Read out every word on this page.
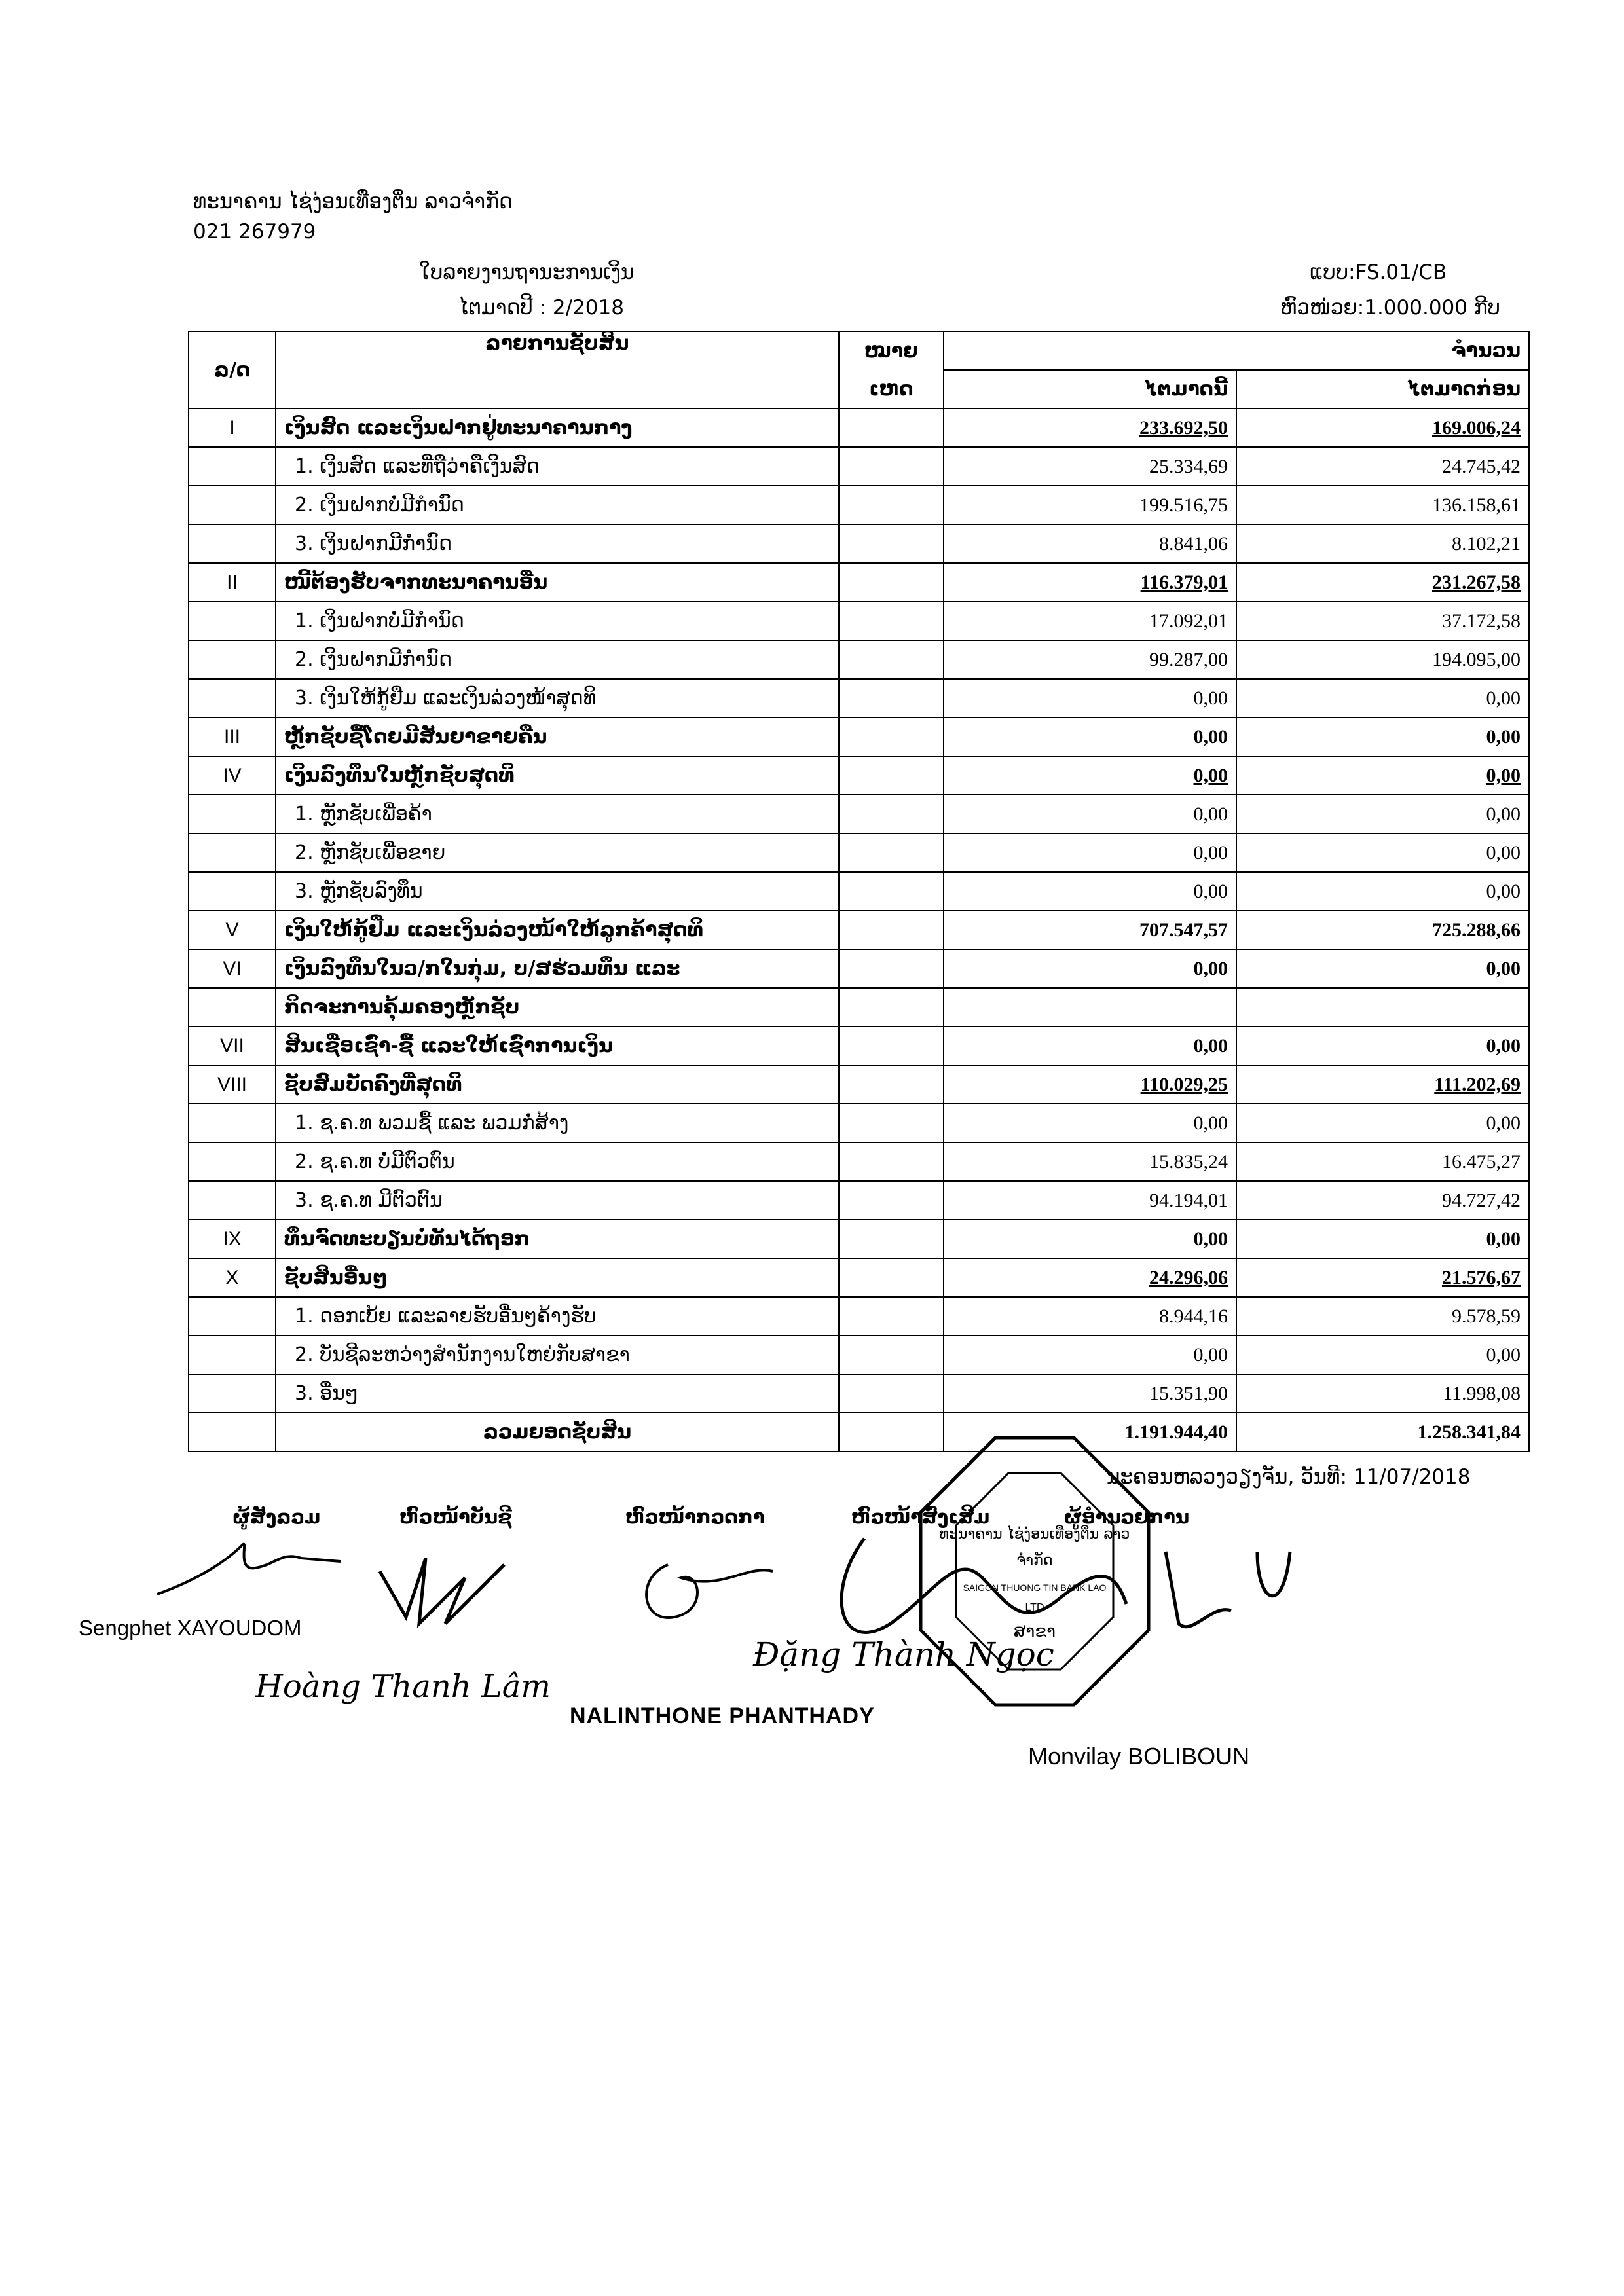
ທະນາຄານ ໄຊ່ງ່ອນເທືອງຕິ່ນ ລາວຈຳກັດ
021 267979
ໃບລາຍງານຖານະການເງິນ
ໄຕມາດປີ : 2/2018
ແບບ:FS.01/CB
ຫົວໜ່ວຍ:1.000.000 ກີບ
ລ/ດ	ລາຍການຊັບສິນ	ໝາຍ	ຈຳນວນ	
		ເຫດ	ໄຕມາດນີ້	ໄຕມາດກ່ອນ
I	ເງິນສົດ ແລະເງິນຝາກຢູ່ທະນາຄານກາງ		233.692,50	169.006,24
	1. ເງິນສົດ ແລະທີ່ຖືວ່າຄືເງິນສົດ		25.334,69	24.745,42
	2. ເງິນຝາກບໍ່ມີກຳນົດ		199.516,75	136.158,61
	3. ເງິນຝາກມີກຳນົດ		8.841,06	8.102,21
II	ໜີ້ຕ້ອງຮັບຈາກທະນາຄານອື່ນ		116.379,01	231.267,58
	1. ເງິນຝາກບໍ່ມີກຳນົດ		17.092,01	37.172,58
	2. ເງິນຝາກມີກຳນົດ		99.287,00	194.095,00
	3. ເງິນໃຫ້ກູ້ຢືມ ແລະເງິນລ່ວງໜ້າສຸດທິ		0,00	0,00
III	ຫຼັກຊັບຊື້ໂດຍມີສັນຍາຂາຍຄືນ		0,00	0,00
IV	ເງິນລົງທຶນໃນຫຼັກຊັບສຸດທິ		0,00	0,00
	1. ຫຼັກຊັບເພື່ອຄ້າ		0,00	0,00
	2. ຫຼັກຊັບເພື່ອຂາຍ		0,00	0,00
	3. ຫຼັກຊັບລົງທຶນ		0,00	0,00
V	ເງິນໃຫ້ກູ້ຢືມ ແລະເງິນລ່ວງໜ້າໃຫ້ລູກຄ້າສຸດທິ		707.547,57	725.288,66
VI	ເງິນລົງທຶນໃນວ/ກໃນກຸ່ມ, ບ/ສຮ່ວມທຶນ ແລະ		0,00	0,00
	ກິດຈະການຄຸ້ມຄອງຫຼັກຊັບ			
VII	ສິນເຊື່ອເຊົ່າ-ຊື້ ແລະໃຫ້ເຊົ່າການເງິນ		0,00	0,00
VIII	ຊັບສົມບັດຄົງທີ່ສຸດທິ		110.029,25	111.202,69
	1. ຊ.ຄ.ທ ພວມຊື້ ແລະ ພວມກໍ່ສ້າງ		0,00	0,00
	2. ຊ.ຄ.ທ ບໍ່ມີຕົວຕົນ		15.835,24	16.475,27
	3. ຊ.ຄ.ທ ມີຕົວຕົນ		94.194,01	94.727,42
IX	ທຶນຈົດທະບຽນບໍ່ທັນໄດ້ຖອກ		0,00	0,00
X	ຊັບສິນອື່ນໆ		24.296,06	21.576,67
	1. ດອກເບ້ຍ ແລະລາຍຮັບອື່ນໆຄ້າງຮັບ		8.944,16	9.578,59
	2. ບັນຊີລະຫວ່າງສຳນັກງານໃຫຍ່ກັບສາຂາ		0,00	0,00
	3. ອື່ນໆ		15.351,90	11.998,08
	ລວມຍອດຊັບສິນ		1.191.944,40	1.258.341,84
ນະຄອນຫລວງວຽງຈັນ, ວັນທີ: 11/07/2018
ຜູ້ສັງລວມ	ຫົວໜ້າບັນຊີ	ຫົວໜ້າກວດກາ	ຫົວໜ້າສົ່ງເສີມ	ຜູ້ອຳນວຍການ
ທະນາຄານ ໄຊ່ງ່ອນເທືອງຕິ່ນ ລາວ
ຈຳກັດ
SAIGON THUONG TIN BANK LAO
LTD
ສາຂາ
Sengphet XAYOUDOM
Hoàng Thanh Lâm
NALINTHONE PHANTHADY
Đặng Thành Ngọc
Monvilay BOLIBOUN
